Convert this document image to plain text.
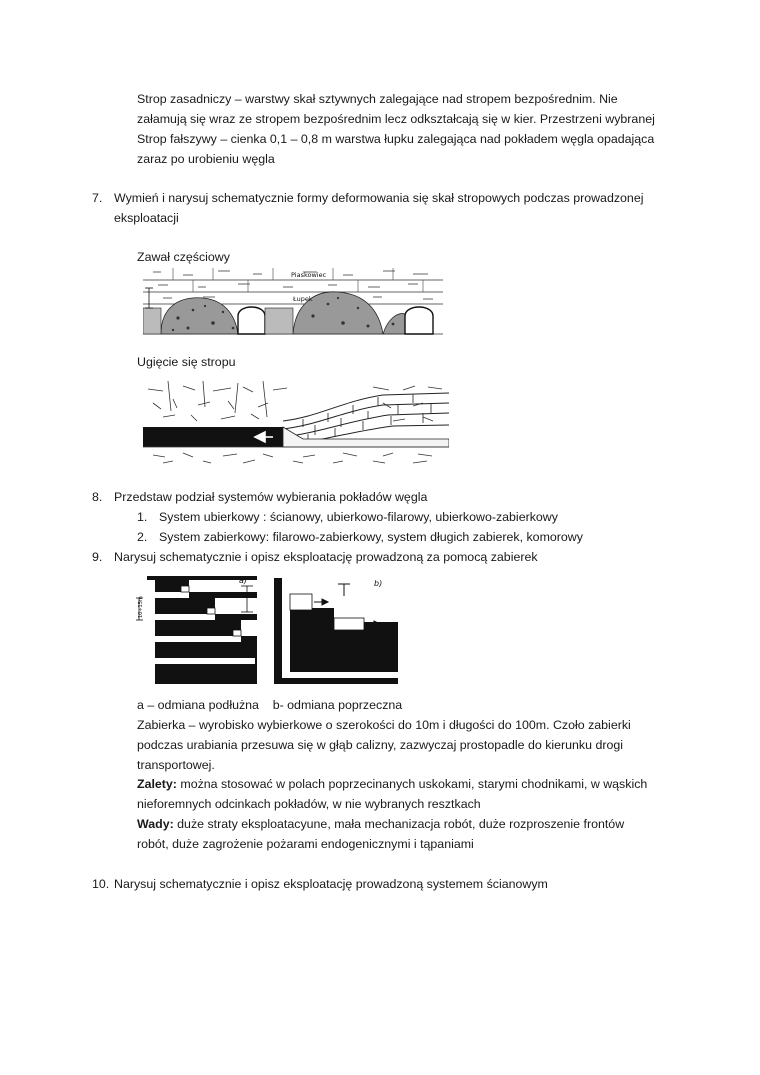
Strop zasadniczy – warstwy skał sztywnych zalegające nad stropem bezpośrednim. Nie
załamują się wraz ze stropem bezpośrednim lecz odkształcają się w kier. Przestrzeni wybranej
Strop fałszywy – cienka 0,1 – 0,8 m warstwa łupku zalegająca nad pokładem węgla opadająca
zaraz po urobieniu węgla
7. Wymień i narysuj schematycznie formy deformowania się skał stropowych podczas prowadzonej
eksploatacji
Zawał częściowy
Piaskowiec
Łupek
Ugięcie się stropu
8. Przedstaw podział systemów wybierania pokładów węgla
1. System ubierkowy : ścianowy, ubierkowo-filarowy, ubierkowo-zabierkowy
2. System zabierkowy: filarowo-zabierkowy, system długich zabierek, komorowy
9. Narysuj schematycznie i opisz eksploatację prowadzoną za pomocą zabierek
10÷15m
a)	b)
a – odmiana podłużna    b- odmiana poprzeczna
Zabierka – wyrobisko wybierkowe o szerokości do 10m i długości do 100m. Czoło zabierki
podczas urabiania przesuwa się w głąb calizny, zazwyczaj prostopadle do kierunku drogi
transportowej.
Zalety: można stosować w polach poprzecinanych uskokami, starymi chodnikami, w wąskich
nieforemnych odcinkach pokładów, w nie wybranych resztkach
Wady: duże straty eksploatacyune, mała mechanizacja robót, duże rozproszenie frontów
robót, duże zagrożenie pożarami endogenicznymi i tąpaniami
10. Narysuj schematycznie i opisz eksploatację prowadzoną systemem ścianowym
